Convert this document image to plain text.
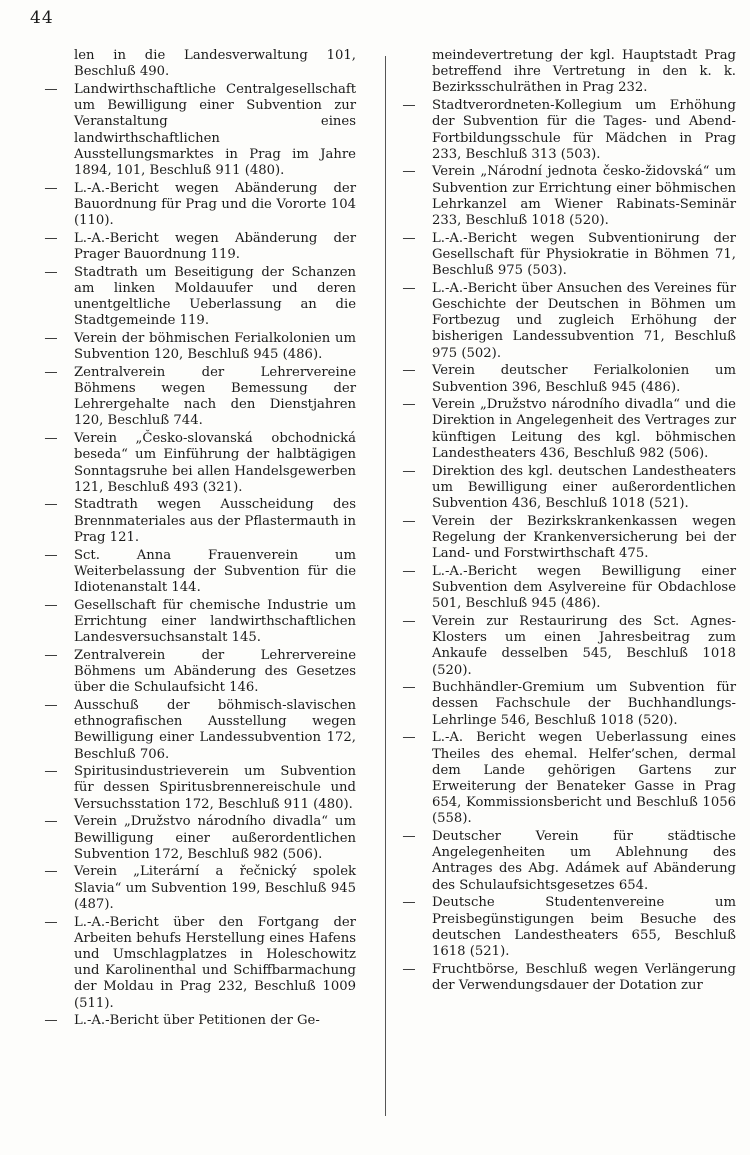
44
len in die Landesverwaltung 101, Beschluß 490.
—	Landwirthschaftliche Centralgesellschaft um Bewilligung einer Subvention zur Veranstaltung eines landwirthschaftlichen Ausstellungsmarktes in Prag im Jahre 1894, 101, Beschluß 911 (480).
—	L.-A.-Bericht wegen Abänderung der Bauordnung für Prag und die Vororte 104 (110).
—	L.-A.-Bericht wegen Abänderung der Prager Bauordnung 119.
—	Stadtrath um Beseitigung der Schanzen am linken Moldauufer und deren unentgeltliche Ueberlassung an die Stadtgemeinde 119.
—	Verein der böhmischen Ferialkolonien um Subvention 120, Beschluß 945 (486).
—	Zentralverein der Lehrervereine Böhmens wegen Bemessung der Lehrergehalte nach den Dienstjahren 120, Beschluß 744.
—	Verein „Česko-slovanská obchodnická beseda“ um Einführung der halbtägigen Sonntagsruhe bei allen Handelsgewerben 121, Beschluß 493 (321).
—	Stadtrath wegen Ausscheidung des Brennmateriales aus der Pflastermauth in Prag 121.
—	Sct. Anna Frauenverein um Weiterbelassung der Subvention für die Idiotenanstalt 144.
—	Gesellschaft für chemische Industrie um Errichtung einer landwirthschaftlichen Landesversuchsanstalt 145.
—	Zentralverein der Lehrervereine Böhmens um Abänderung des Gesetzes über die Schulaufsicht 146.
—	Ausschuß der böhmisch-slavischen ethnografischen Ausstellung wegen Bewilligung einer Landessubvention 172, Beschluß 706.
—	Spiritusindustrieverein um Subvention für dessen Spiritusbrennereischule und Versuchsstation 172, Beschluß 911 (480).
—	Verein „Družstvo národního divadla“ um Bewilligung einer außerordentlichen Subvention 172, Beschluß 982 (506).
—	Verein „Literární a řečnický spolek Slavia“ um Subvention 199, Beschluß 945 (487).
—	L.-A.-Bericht über den Fortgang der Arbeiten behufs Herstellung eines Hafens und Umschlagplatzes in Holeschowitz und Karolinenthal und Schiffbarmachung der Moldau in Prag 232, Beschluß 1009 (511).
—	L.-A.-Bericht über Petitionen der Ge-
meindevertretung der kgl. Hauptstadt Prag betreffend ihre Vertretung in den k. k. Bezirksschulräthen in Prag 232.
—	Stadtverordneten-Kollegium um Erhöhung der Subvention für die Tages- und Abend-Fortbildungsschule für Mädchen in Prag 233, Beschluß 313 (503).
—	Verein „Národní jednota česko-židovská“ um Subvention zur Errichtung einer böhmischen Lehrkanzel am Wiener Rabinats-Seminär 233, Beschluß 1018 (520).
—	L.-A.-Bericht wegen Subventionirung der Gesellschaft für Physiokratie in Böhmen 71, Beschluß 975 (503).
—	L.-A.-Bericht über Ansuchen des Vereines für Geschichte der Deutschen in Böhmen um Fortbezug und zugleich Erhöhung der bisherigen Landessubvention 71, Beschluß 975 (502).
—	Verein deutscher Ferialkolonien um Subvention 396, Beschluß 945 (486).
—	Verein „Družstvo národního divadla“ und die Direktion in Angelegenheit des Vertrages zur künftigen Leitung des kgl. böhmischen Landestheaters 436, Beschluß 982 (506).
—	Direktion des kgl. deutschen Landestheaters um Bewilligung einer außerordentlichen Subvention 436, Beschluß 1018 (521).
—	Verein der Bezirkskrankenkassen wegen Regelung der Krankenversicherung bei der Land- und Forstwirthschaft 475.
—	L.-A.-Bericht wegen Bewilligung einer Subvention dem Asylvereine für Obdachlose 501, Beschluß 945 (486).
—	Verein zur Restaurirung des Sct. Agnes-Klosters um einen Jahresbeitrag zum Ankaufe desselben 545, Beschluß 1018 (520).
—	Buchhändler-Gremium um Subvention für dessen Fachschule der Buchhandlungs-Lehrlinge 546, Beschluß 1018 (520).
—	L.-A. Bericht wegen Ueberlassung eines Theiles des ehemal. Helfer’schen, dermal dem Lande gehörigen Gartens zur Erweiterung der Benateker Gasse in Prag 654, Kommissionsbericht und Beschluß 1056 (558).
—	Deutscher Verein für städtische Angelegenheiten um Ablehnung des Antrages des Abg. Adámek auf Abänderung des Schulaufsichtsgesetzes 654.
—	Deutsche Studentenvereine um Preisbegünstigungen beim Besuche des deutschen Landestheaters 655, Beschluß 1618 (521).
—	Fruchtbörse, Beschluß wegen Verlängerung der Verwendungsdauer der Dotation zur
